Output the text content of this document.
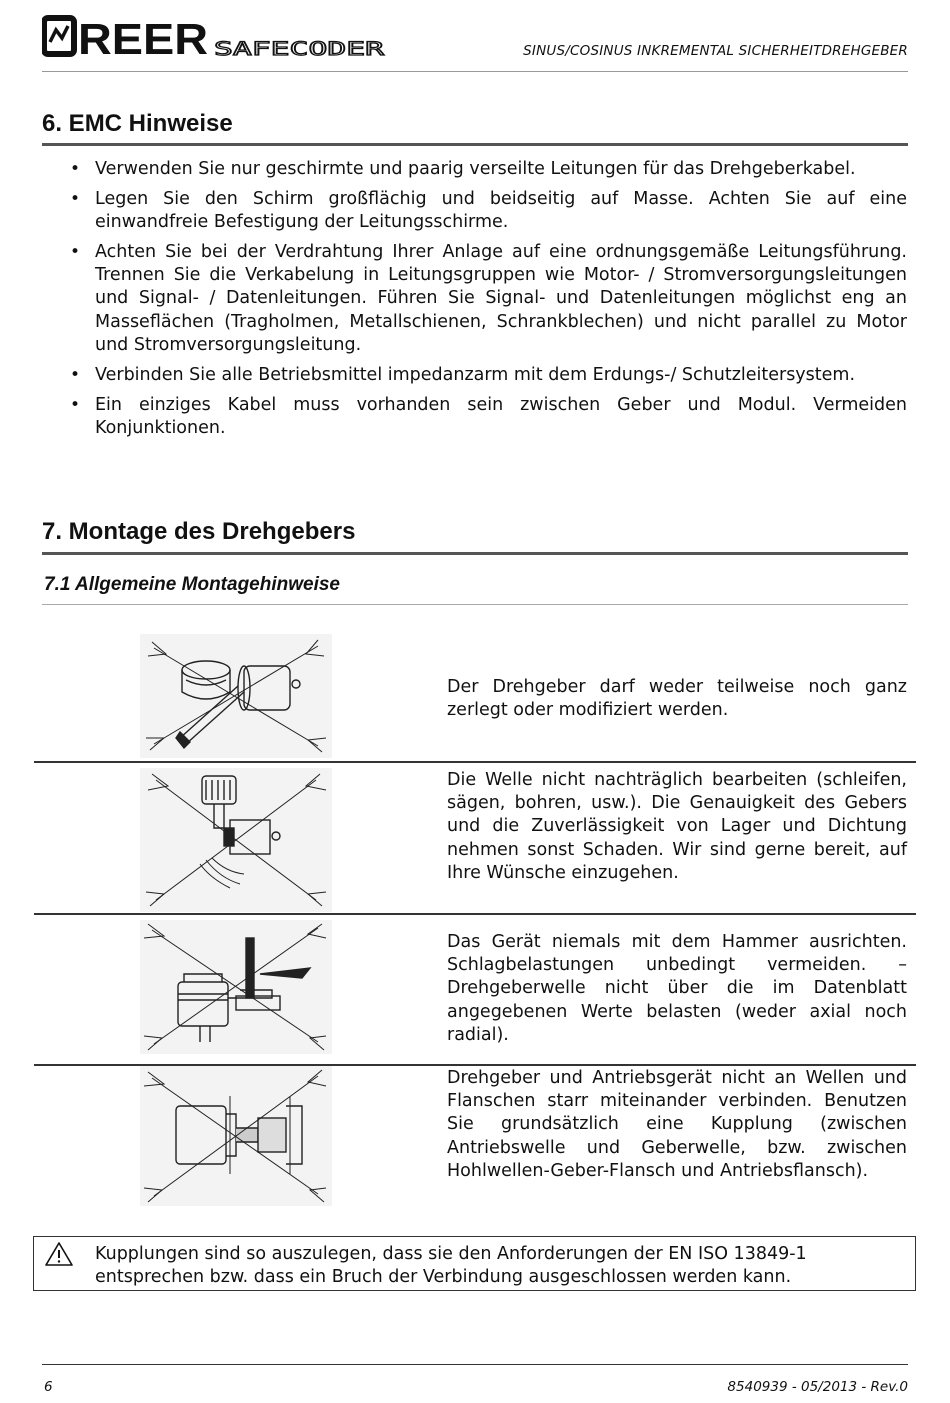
REER SAFECODER	SINUS/COSINUS INKREMENTAL SICHERHEITDREHGEBER
6. EMC Hinweise
• Verwenden Sie nur geschirmte und paarig verseilte Leitungen für das Drehgeberkabel.
• Legen Sie den Schirm großflächig und beidseitig auf Masse. Achten Sie auf eine einwandfreie Befestigung der Leitungsschirme.
• Achten Sie bei der Verdrahtung Ihrer Anlage auf eine ordnungsgemäße Leitungsführung. Trennen Sie die Verkabelung in Leitungsgruppen wie Motor- / Stromversorgungsleitungen und Signal- / Datenleitungen. Führen Sie Signal- und Datenleitungen möglichst eng an Masseflächen (Tragholmen, Metallschienen, Schrankblechen) und nicht parallel zu Motor und Stromversorgungsleitung.
• Verbinden Sie alle Betriebsmittel impedanzarm mit dem Erdungs-/ Schutzleitersystem.
• Ein einziges Kabel muss vorhanden sein zwischen Geber und Modul. Vermeiden Konjunktionen.
7. Montage des Drehgebers
7.1 Allgemeine Montagehinweise
Der Drehgeber darf weder teilweise noch ganz zerlegt oder modifiziert werden.
Die Welle nicht nachträglich bearbeiten (schleifen, sägen, bohren, usw.). Die Genauigkeit des Gebers und die Zuverlässigkeit von Lager und Dichtung nehmen sonst Schaden. Wir sind gerne bereit, auf Ihre Wünsche einzugehen.
Das Gerät niemals mit dem Hammer ausrichten. Schlagbelastungen unbedingt vermeiden. – Drehgeberwelle nicht über die im Datenblatt angegebenen Werte belasten (weder axial noch radial).
Drehgeber und Antriebsgerät nicht an Wellen und Flanschen starr miteinander verbinden. Benutzen Sie grundsätzlich eine Kupplung (zwischen Antriebswelle und Geberwelle, bzw. zwischen Hohlwellen-Geber-Flansch und Antriebsflansch).
Kupplungen sind so auszulegen, dass sie den Anforderungen der EN ISO 13849-1 entsprechen bzw. dass ein Bruch der Verbindung ausgeschlossen werden kann.
6	8540939 - 05/2013 - Rev.0
